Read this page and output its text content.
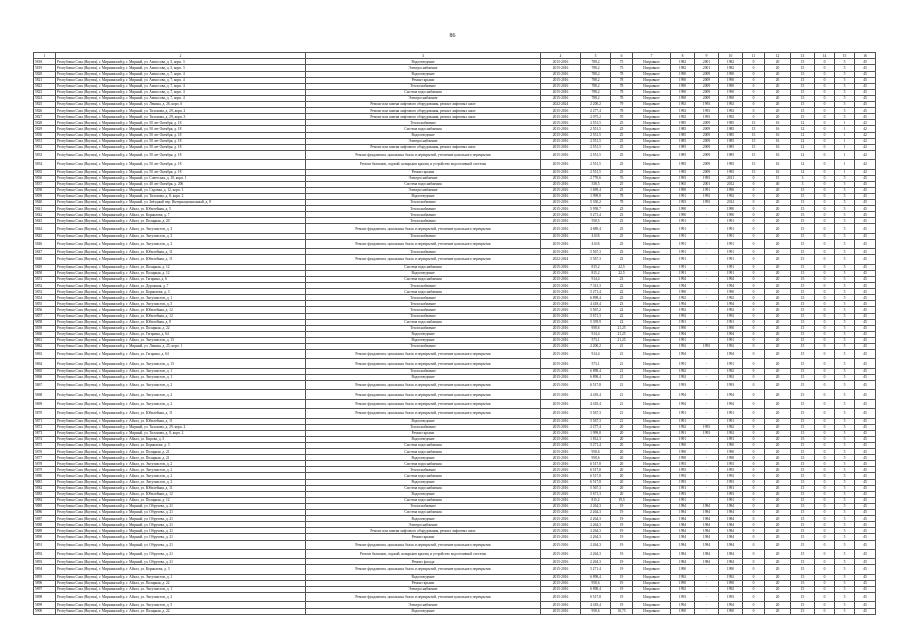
86
1	2	3	4	5	6	7	8	9	10	11	12	13	14	15	16
5818	Республика Саха (Якутия), г. Мирнинский р, г. Мирный, ул. Аммосова, д. 5, корп. 3	Водоотведение	2015-2016	788,2	75	Исправное	1982	2001	1982	0	20	15	0	5	45
5819	Республика Саха (Якутия), г. Мирнинский р, г. Мирный, ул. Аммосова, д. 5, корп. 3	Электроснабжение	2015-2016	788,2	75	Исправное	1982	2001	1982	0	20	15	0	5	45
5820	Республика Саха (Якутия), г. Мирнинский р, г. Мирный, ул. Аммосова, д. 7, корп. 4	Водоотведение	2015-2016	788,2	78	Исправное	1990	2009	1990	0	20	15	0	5	45
5821	Республика Саха (Якутия), г. Мирнинский р, г. Мирный, ул. Аммосова, д. 7, корп. 4	Ремонт крыши	2015-2016	788,2	78	Исправное	1990	2009	1990	0	20	15	0	5	45
5822	Республика Саха (Якутия), г. Мирнинский р, г. Мирный, ул. Аммосова, д. 7, корп. 4	Теплоснабжение	2015-2016	788,2	78	Исправное	1990	2009	1990	0	20	15	0	5	45
5823	Республика Саха (Якутия), г. Мирнинский р, г. Мирный, ул. Аммосова, д. 7, корп. 4	Система водоснабжения	2015-2016	788,2	78	Исправное	1990	2009	1990	0	20	15	0	5	45
5824	Республика Саха (Якутия), г. Мирнинский р, г. Мирный, ул. Аммосова, д. 7, корп. 4	Электроснабжение	2015-2016	788,2	78	Исправное	1990	2009	1990	0	20	15	0	5	45
5825	Республика Саха (Якутия), г. Мирнинский р, г. Мирный, ул. Ленина, д. 26, корп. 6	Ремонт или замена лифтового оборудования, ремонт лифтовых шахт	2022-2024	2 200,2	79	Исправное	1992	1993	1992	0	20	15	0	5	45
5826	Республика Саха (Якутия), г. Мирнинский р, г. Мирный, ул. Тихонова, д. 29, корп. 2	Ремонт или замена лифтового оборудования, ремонт лифтовых шахт	2015-2016	2 277,4	78	Исправное	1992	1993	1992	0	20	15	0	5	45
5827	Республика Саха (Якутия), г. Мирнинский р, г. Мирный, ул. Тихонова, д. 29, корп. 3	Ремонт или замена лифтового оборудования, ремонт лифтовых шахт	2015-2016	2 075,2	70	Исправное	1992	1993	1992	0	20	15	0	5	45
5828	Республика Саха (Якутия), г. Мирнинский р, г. Мирный, ул. 50 лет Октября, д. 18	Теплоснабжение	2015-2016	2 551,5	25	Исправное	1985	2009	1985	15	16	12	0	1	42
5829	Республика Саха (Якутия), г. Мирнинский р, г. Мирный, ул. 50 лет Октября, д. 18	Система водоснабжения	2015-2016	2 551,5	25	Исправное	1985	2009	1985	15	16	12	0	1	42
5830	Республика Саха (Якутия), г. Мирнинский р, г. Мирный, ул. 50 лет Октября, д. 18	Водоотведение	2015-2016	2 551,5	25	Исправное	1985	2009	1985	15	16	12	0	1	42
5831	Республика Саха (Якутия), г. Мирнинский р, г. Мирный, ул. 50 лет Октября, д. 18	Электроснабжение	2015-2016	2 551,5	25	Исправное	1985	2009	1985	15	16	12	0	1	42
5832	Республика Саха (Якутия), г. Мирнинский р, г. Мирный, ул. 50 лет Октября, д. 18	Ремонт или замена лифтового оборудования, ремонт лифтовых шахт	2015-2016	2 551,5	25	Исправное	1985	2009	1985	15	16	12	0	1	42
5833	Республика Саха (Якутия), г. Мирнинский р, г. Мирный, ул. 50 лет Октября, д. 18	Ремонт фундамента, цокольных балок и перекрытий, утепление цокольного перекрытия	2015-2016	2 551,5	25	Исправное	1985	2009	1985	15	16	12	0	1	42
5834	Республика Саха (Якутия), г. Мирнинский р, г. Мирный, ул. 50 лет Октября, д. 18	Ремонт балконов, лоджий, козырьков крылец и устройство водоотливной системы	2015-2016	2 551,5	25	Исправное	1985	2009	1985	15	16	12	0	1	42
5835	Республика Саха (Якутия), г. Мирнинский р, г. Мирный, ул. 50 лет Октября, д. 18	Ремонт крыши	2015-2016	2 551,5	25	Исправное	1985	2009	1985	15	16	12	0	1	42
5836	Республика Саха (Якутия), г. Мирнинский р, г. Мирный, ул. Советская, д. 10, корп. 1	Электроснабжение	2015-2016	2 770,6	76	Исправное	1993	1993	2011	0	15	3	0	5	45
5837	Республика Саха (Якутия), г. Мирнинский р, г. Мирный, ул. 40 лет Октября, д. 206	Система водоснабжения	2015-2016	538,5	25	Исправное	1965	2001	2012	0	40	3	0	5	45
5838	Республика Саха (Якутия), г. Мирнинский р, г. Мирный, ул. Садовая, д. 12, корп. 1	Электроснабжение	2015-2016	1 699,4	25	Исправное	1990	1991	1990	0	20	15	0	5	45
5839	Республика Саха (Якутия), г. Мирнинский р, г. Мирный, ул. Тихонова, д. 8, корп. 2	Водоотведение	2015-2016	1 999,8	78	Исправное	1991	1993	1992	0	20	15	0	5	45
5840	Республика Саха (Якутия), г. Мирнинский р, г. Мирный, ул. Звёздный пер. Интернациональный, д. 8	Теплоснабжение	2015-2016	5 330,2	78	Исправное	1993	1993	2012	0	20	15	0	5	45
5841	Республика Саха (Якутия), г. Мирнинский р, г. Айхал, ул. Юбилейная, д. 5	Теплоснабжение	2015-2016	5 958,7	25	Исправное	1990	-	1990	0	20	15	0	5	45
5842	Республика Саха (Якутия), г. Мирнинский р, г. Айхал, ул. Корнилова, д. 7	Теплоснабжение	2015-2016	5 271,4	23	Исправное	1990	-	1990	0	20	15	0	5	45
5843	Республика Саха (Якутия), г. Мирнинский р, г. Айхал, ул. Полярная, д. 20	Теплоснабжение	2015-2016	558,5	23	Исправное	1991	-	1991	0	20	15	0	5	45
5844	Республика Саха (Якутия), г. Мирнинский р, г. Айхал, ул. Энтузиастов, д. 3	Ремонт фундамента, цокольных балок и перекрытий, утепление цокольного перекрытия	2015-2016	4 689,4	25	Исправное	1991	-	1991	0	20	15	0	5	45
5845	Республика Саха (Якутия), г. Мирнинский р, г. Айхал, ул. Энтузиастов, д. 3	Теплоснабжение	2015-2016	4 616	25	Исправное	1991	-	1991	0	20	15	0	5	45
5846	Республика Саха (Якутия), г. Мирнинский р, г. Айхал, ул. Энтузиастов, д. 3	Ремонт фундамента, цокольных балок и перекрытий, утепление цокольного перекрытия	2015-2016	4 616	25	Исправное	1991	-	1991	0	20	15	0	5	45
5847	Республика Саха (Якутия), г. Мирнинский р, г. Айхал, ул. Юбилейная, д. 11	Теплоснабжение	2015-2016	5 567,3	23	Исправное	1991	-	1991	0	20	15	0	5	45
5848	Республика Саха (Якутия), г. Мирнинский р, г. Айхал, ул. Юбилейная, д. 11	Ремонт фундамента, цокольных балок и перекрытий, утепление цокольного перекрытия	2022-2024	5 567,3	23	Исправное	1991	-	1991	0	20	15	0	5	45
5849	Республика Саха (Якутия), г. Мирнинский р, г. Айхал, ул. Полярная, д. 12	Система водоснабжения	2015-2016	815,2	22,5	Исправное	1991	-	1991	0	20	15	0	5	45
5850	Республика Саха (Якутия), г. Мирнинский р, г. Айхал, ул. Полярная, д. 12	Водоотведение	2015-2016	815,2	22,5	Исправное	1991	-	1991	0	20	15	0	5	45
5851	Республика Саха (Якутия), г. Мирнинский р, г. Айхал, ул. Гагарина, д. 6	Система водоснабжения	2015-2016	914,4	23	Исправное	1994	-	1994	0	20	15	0	5	45
5852	Республика Саха (Якутия), г. Мирнинский р, г. Айхал, ул. Дорожная, д. 7	Теплоснабжение	2015-2016	7 313,3	22	Исправное	1994	-	1994	0	20	15	0	5	45
5853	Республика Саха (Якутия), г. Мирнинский р, г. Айхал, ул. Корнилова, д. 3	Система водоснабжения	2015-2016	5 271,4	22	Исправное	1990	-	1990	0	20	15	0	5	45
5854	Республика Саха (Якутия), г. Мирнинский р, г. Айхал, ул. Энтузиастов, д. 1	Теплоснабжение	2015-2016	6 898,4	25	Исправное	1992	-	1992	0	20	15	0	5	45
5855	Республика Саха (Якутия), г. Мирнинский р, г. Айхал, ул. Энтузиастов, д. 5	Теплоснабжение	2015-2016	4 418,4	23	Исправное	1994	-	1994	0	20	15	0	5	45
5856	Республика Саха (Якутия), г. Мирнинский р, г. Айхал, ул. Юбилейная, д. 12	Теплоснабжение	2015-2016	5 567,2	22	Исправное	1992	-	1992	0	20	15	0	5	45
5857	Республика Саха (Якутия), г. Мирнинский р, г. Айхал, ул. Юбилейная, д. 12	Теплоснабжение	2015-2016	5 671,3	22	Исправное	1993	-	1993	0	20	15	0	5	45
5858	Республика Саха (Якутия), г. Мирнинский р, г. Айхал, ул. Юбилейная, д. 8	Система водоснабжения	2015-2016	5 359,9	22	Исправное	1991	-	1991	0	20	15	0	5	45
5859	Республика Саха (Якутия), г. Мирнинский р, г. Айхал, ул. Полярная, д. 22	Теплоснабжение	2015-2016	958,6	21,25	Исправное	1990	-	1990	0	20	15	0	5	45
5860	Республика Саха (Якутия), г. Мирнинский р, г. Айхал, ул. Гагарина, д. 64	Водоотведение	2015-2016	914,4	21,25	Исправное	1994	-	1994	0	20	15	0	5	45
5861	Республика Саха (Якутия), г. Мирнинский р, г. Айхал, ул. Энтузиастов, д. 15	Водоотведение	2015-2016	573,1	21,25	Исправное	1991	-	1991	0	20	15	0	5	45
5862	Республика Саха (Якутия), г. Мирнинский р, г. Мирный, ул. Ленина, д. 25, корп. 1	Теплоснабжение	2015-2016	2 200,2	21	Исправное	1992	1993	1992	0	20	15	0	5	45
5863	Республика Саха (Якутия), г. Мирнинский р, г. Айхал, ул. Гагарина, д. 64	Ремонт фундамента, цокольных балок и перекрытий, утепление цокольного перекрытия	2015-2016	914,4	21	Исправное	1994	-	1994	0	20	15	0	5	45
5864	Республика Саха (Якутия), г. Мирнинский р, г. Айхал, ул. Энтузиастов, д. 15	Ремонт фундамента, цокольных балок и перекрытий, утепление цокольного перекрытия	2015-2016	573,1	21	Исправное	1991	-	1991	0	20	15	0	5	45
5865	Республика Саха (Якутия), г. Мирнинский р, г. Айхал, ул. Энтузиастов, д. 1	Теплоснабжение	2015-2016	6 898,4	21	Исправное	1992	-	1992	0	20	15	0	5	45
5866	Республика Саха (Якутия), г. Мирнинский р, г. Айхал, ул. Энтузиастов, д. 1	Водоотведение	2015-2016	6 898,4	21	Исправное	1992	-	1992	0	20	15	0	5	45
5867	Республика Саха (Якутия), г. Мирнинский р, г. Айхал, ул. Энтузиастов, д. 2	Ремонт фундамента, цокольных балок и перекрытий, утепление цокольного перекрытия	2015-2016	6 517,8	21	Исправное	1993	-	1993	0	20	15	0	5	45
5868	Республика Саха (Якутия), г. Мирнинский р, г. Айхал, ул. Энтузиастов, д. 2	Ремонт фундамента, цокольных балок и перекрытий, утепление цокольного перекрытия	2015-2016	4 418,4	21	Исправное	1994	-	1994	0	20	15	0	5	45
5869	Республика Саха (Якутия), г. Мирнинский р, г. Айхал, ул. Энтузиастов, д. 2	Ремонт фундамента, цокольных балок и перекрытий, утепление цокольного перекрытия	2015-2016	4 418,4	21	Исправное	1994	-	1994	0	20	15	0	5	45
5870	Республика Саха (Якутия), г. Мирнинский р, г. Айхал, ул. Юбилейная, д. 11	Ремонт фундамента, цокольных балок и перекрытий, утепление цокольного перекрытия	2015-2016	5 567,3	21	Исправное	1991	-	1991	0	20	15	0	5	45
5871	Республика Саха (Якутия), г. Мирнинский р, г. Айхал, ул. Юбилейная, д. 11	Водоотведение	2015-2016	5 567,3	21	Исправное	1991	-	1991	0	20	15	0	5	45
5872	Республика Саха (Якутия), г. Мирнинский р, г. Мирный, ул. Тихонова, д. 29, корп. 2	Теплоснабжение	2015-2016	2 277,4	20	Исправное	1992	1993	1992	0	20	15	0	5	45
5873	Республика Саха (Якутия), г. Мирнинский р, г. Мирный, ул. Тихонова, д. 8, корп. 2	Ремонт крыши	2015-2016	1 999,8	20	Исправное	1991	1993	1992	0	20	15	0	5	45
5874	Республика Саха (Якутия), г. Мирнинский р, г. Айхал, ул. Кирова, д. 3	Водоотведение	2015-2016	1 812,3	20	Исправное	1991	-	1991	0	20	15	0	5	45
5875	Республика Саха (Якутия), г. Мирнинский р, г. Айхал, ул. Корнилова, д. 3	Система водоснабжения	2015-2016	5 271,4	20	Исправное	1990	-	1990	0	20	15	0	5	45
5876	Республика Саха (Якутия), г. Мирнинский р, г. Айхал, ул. Полярная, д. 21	Система водоснабжения	2015-2016	958,6	20	Исправное	1990	-	1990	0	20	15	0	5	45
5877	Республика Саха (Якутия), г. Мирнинский р, г. Айхал, ул. Полярная, д. 21	Водоотведение	2015-2016	958,6	20	Исправное	1990	-	1990	0	20	15	0	5	45
5878	Республика Саха (Якутия), г. Мирнинский р, г. Айхал, ул. Энтузиастов, д. 2	Система водоснабжения	2015-2016	6 517,8	20	Исправное	1993	-	1993	0	20	15	0	5	45
5879	Республика Саха (Якутия), г. Мирнинский р, г. Айхал, ул. Энтузиастов, д. 2	Теплоснабжение	2015-2016	6 517,8	20	Исправное	1993	-	1993	0	20	15	0	5	45
5880	Республика Саха (Якутия), г. Мирнинский р, г. Айхал, ул. Энтузиастов, д. 2	Система водоснабжения	2015-2016	6 517,8	20	Исправное	1993	-	1993	0	20	15	0	5	45
5881	Республика Саха (Якутия), г. Мирнинский р, г. Айхал, ул. Энтузиастов, д. 2	Водоотведение	2015-2016	6 517,8	20	Исправное	1993	-	1993	0	20	15	0	5	45
5882	Республика Саха (Якутия), г. Мирнинский р, г. Айхал, ул. Юбилейная, д. 11	Система водоснабжения	2015-2016	5 567,3	20	Исправное	1991	-	1991	0	20	15	0	5	45
5883	Республика Саха (Якутия), г. Мирнинский р, г. Айхал, ул. Юбилейная, д. 12	Водоотведение	2015-2016	5 671,3	20	Исправное	1993	-	1993	0	20	15	0	5	45
5884	Республика Саха (Якутия), г. Мирнинский р, г. Айхал, ул. Полярная, д. 12	Система водоснабжения	2015-2016	815,2	19,5	Исправное	1991	-	1991	0	20	15	0	5	45
5885	Республика Саха (Якутия), г. Мирнинский р, г. Мирный, ул. Обручева, д. 21	Теплоснабжение	2015-2016	2 264,3	19	Исправное	1984	1984	1984	0	20	15	0	5	45
5886	Республика Саха (Якутия), г. Мирнинский р, г. Мирный, ул. Обручева, д. 21	Система водоснабжения	2015-2016	2 264,3	19	Исправное	1984	1984	1984	0	20	15	0	5	45
5887	Республика Саха (Якутия), г. Мирнинский р, г. Мирный, ул. Обручева, д. 21	Водоотведение	2015-2016	2 264,3	19	Исправное	1984	1984	1984	0	20	15	0	5	45
5888	Республика Саха (Якутия), г. Мирнинский р, г. Мирный, ул. Обручева, д. 21	Электроснабжение	2015-2016	2 264,3	19	Исправное	1984	1984	1984	0	20	15	0	5	45
5889	Республика Саха (Якутия), г. Мирнинский р, г. Мирный, ул. Обручева, д. 21	Ремонт или замена лифтового оборудования, ремонт лифтовых шахт	2015-2016	2 264,3	19	Исправное	1984	1984	1984	0	20	15	0	5	45
5890	Республика Саха (Якутия), г. Мирнинский р, г. Мирный, ул. Обручева, д. 21	Ремонт крыши	2015-2016	2 264,3	19	Исправное	1984	1984	1984	0	20	15	0	5	45
5891	Республика Саха (Якутия), г. Мирнинский р, г. Мирный, ул. Обручева, д. 21	Ремонт фундамента, цокольных балок и перекрытий, утепление цокольного перекрытия	2015-2016	2 264,3	19	Исправное	1984	1984	1984	0	20	15	0	5	45
5892	Республика Саха (Якутия), г. Мирнинский р, г. Мирный, ул. Обручева, д. 21	Ремонт балконов, лоджий, козырьков крылец и устройство водоотливной системы	2015-2016	2 264,3	19	Исправное	1984	1984	1984	0	20	15	0	5	45
5893	Республика Саха (Якутия), г. Мирнинский р, г. Мирный, ул. Обручева, д. 21	Ремонт фасада	2015-2016	2 264,3	19	Исправное	1984	1984	1984	0	20	15	0	5	45
5894	Республика Саха (Якутия), г. Мирнинский р, г. Айхал, ул. Корнилова, д. 3	Ремонт фундамента, цокольных балок и перекрытий, утепление цокольного перекрытия	2015-2016	5 271,4	19	Исправное	1990	-	1990	0	20	15	0	5	45
5895	Республика Саха (Якутия), г. Мирнинский р, г. Айхал, ул. Энтузиастов, д. 1	Водоотведение	2015-2016	6 898,4	19	Исправное	1992	-	1992	0	20	15	0	5	45
5896	Республика Саха (Якутия), г. Мирнинский р, г. Айхал, ул. Полярная, д. 22	Ремонт крыши	2015-2016	958,6	19	Исправное	1990	-	1990	0	20	15	0	5	45
5897	Республика Саха (Якутия), г. Мирнинский р, г. Айхал, ул. Энтузиастов, д. 1	Электроснабжение	2015-2016	6 898,4	19	Исправное	1992	-	1992	0	20	15	0	5	45
5898	Республика Саха (Якутия), г. Мирнинский р, г. Айхал, ул. Энтузиастов, д. 2	Ремонт фундамента, цокольных балок и перекрытий, утепление цокольного перекрытия	2015-2016	6 517,8	19	Исправное	1993	-	1993	0	20	15	0	5	45
5899	Республика Саха (Якутия), г. Мирнинский р, г. Айхал, ул. Энтузиастов, д. 5	Электроснабжение	2015-2016	4 418,4	19	Исправное	1994	-	1994	0	20	15	0	5	45
5900	Республика Саха (Якутия), г. Мирнинский р, г. Айхал, ул. Полярная, д. 22	Водоотведение	2015-2016	958,6	18,75	Исправное	1990	-	1990	0	20	15	0	5	45
